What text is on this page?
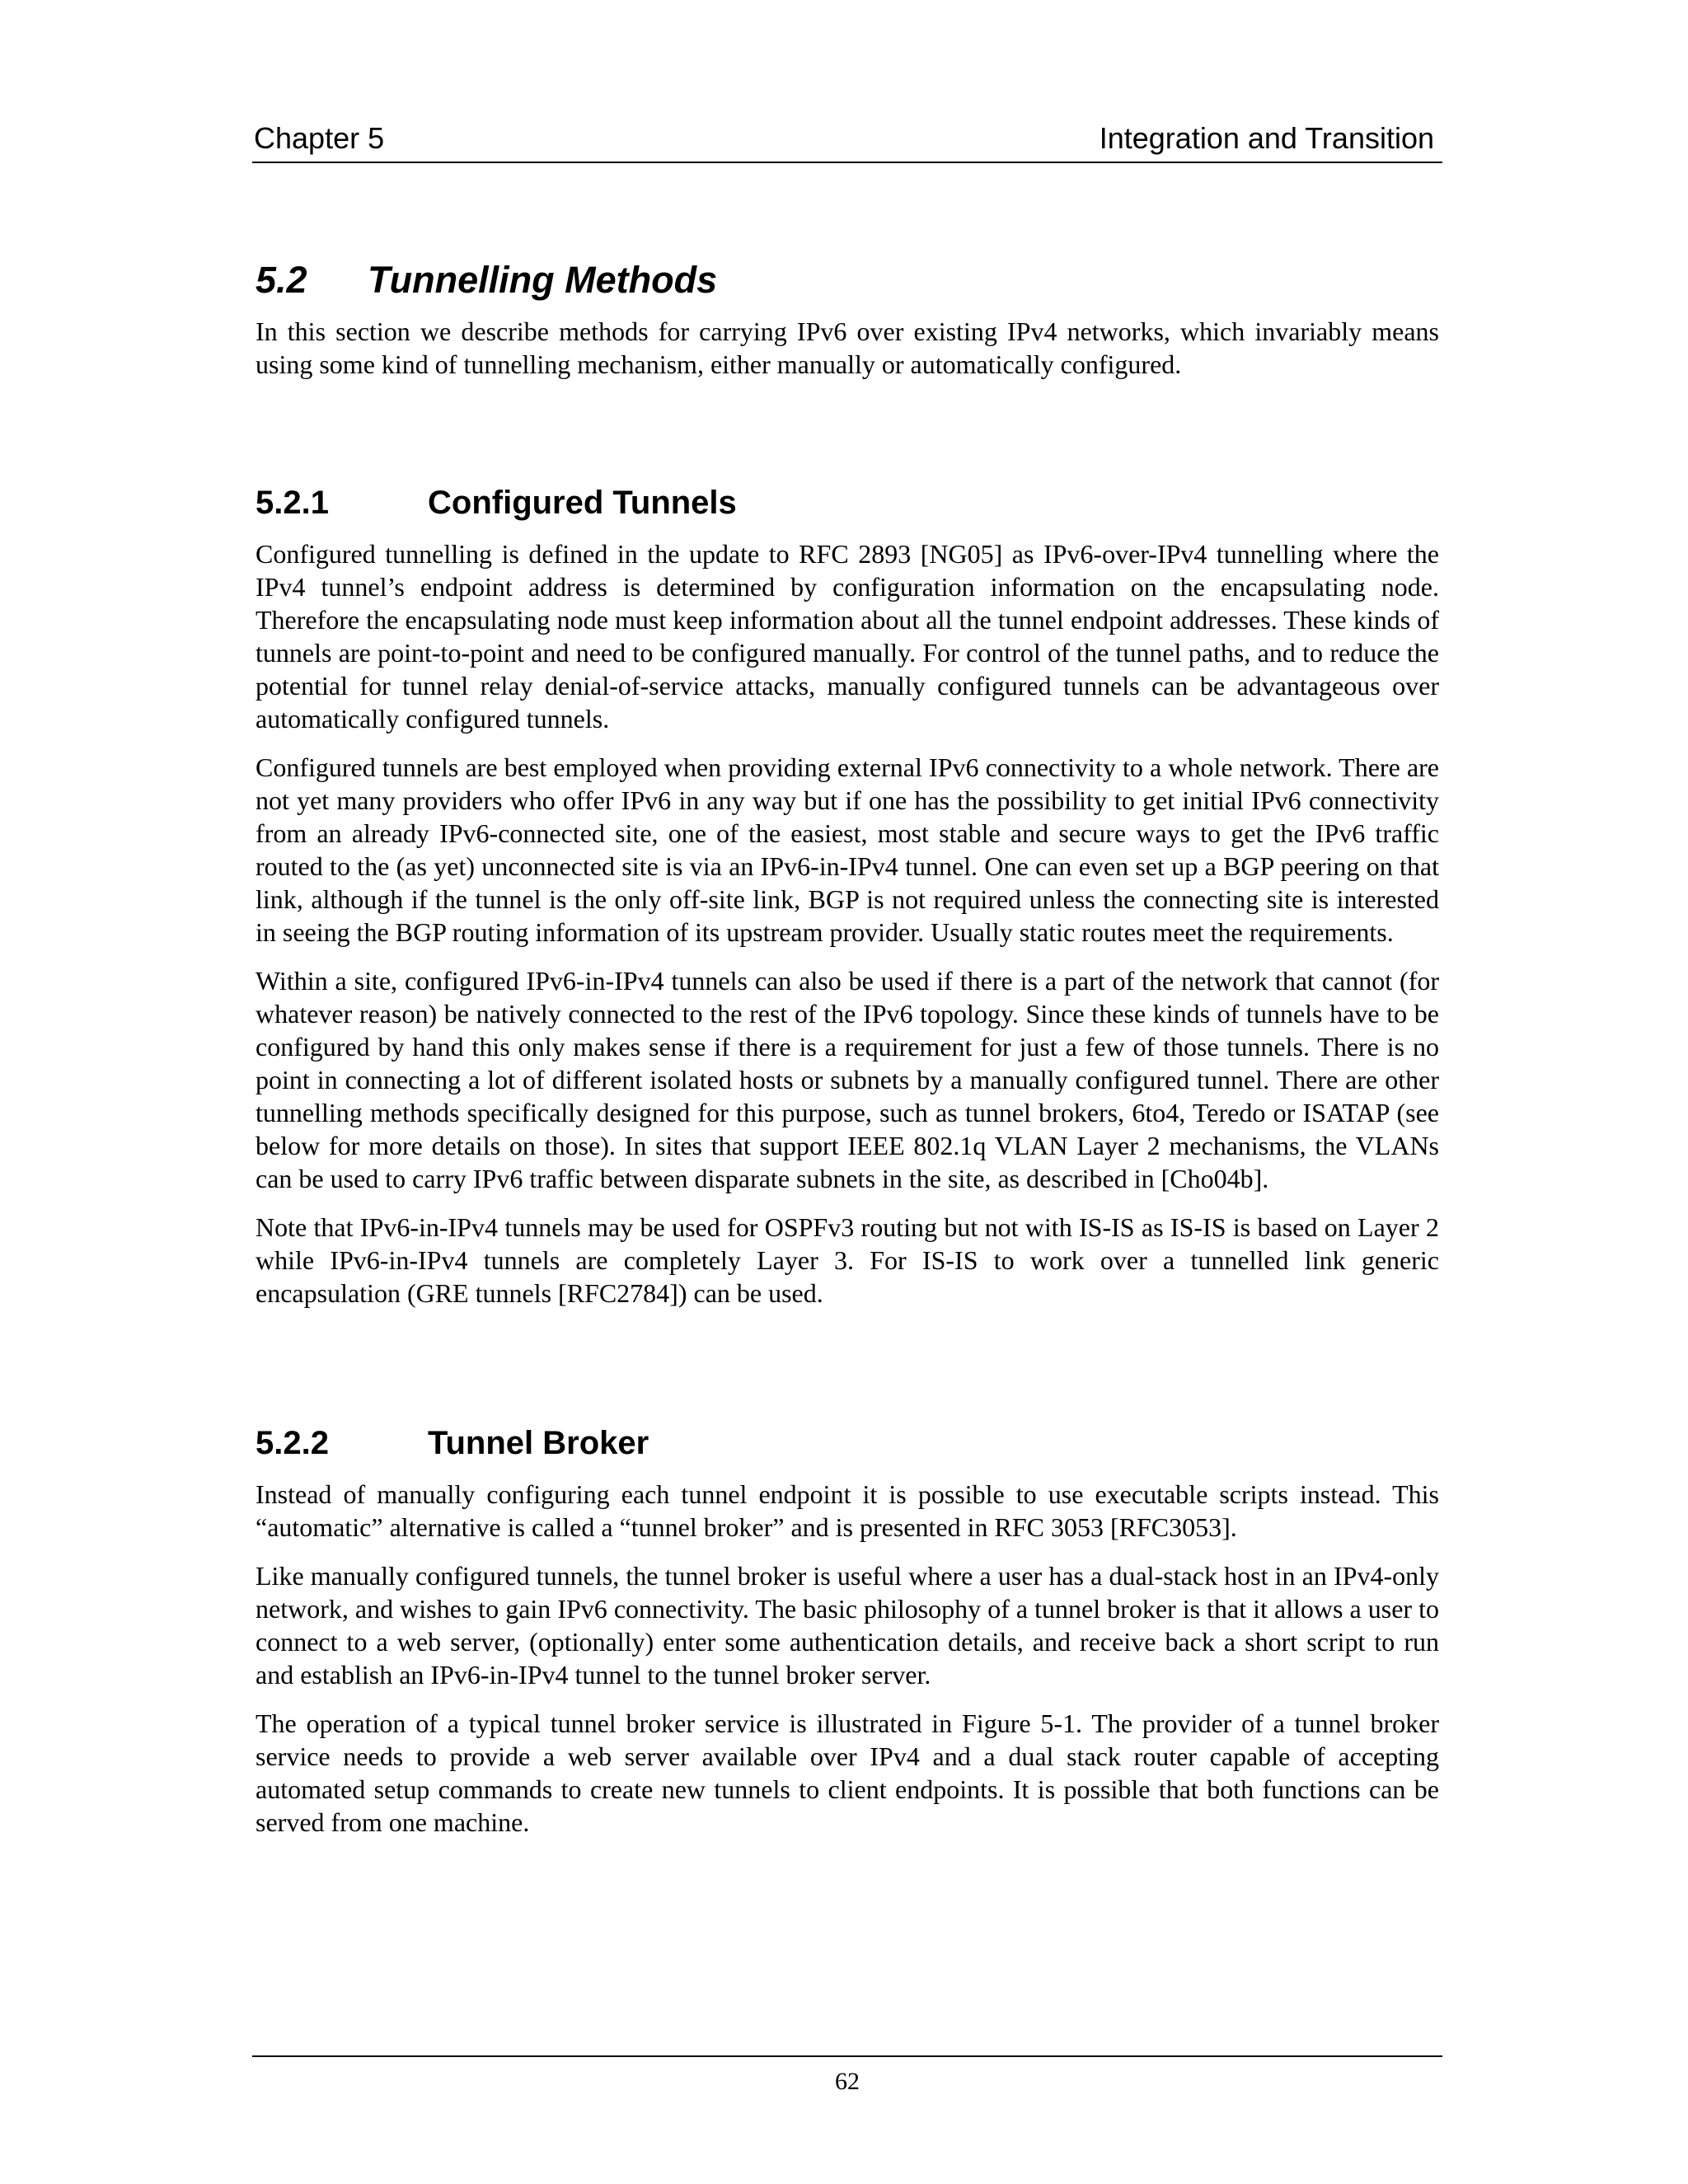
Chapter 5	Integration and Transition
5.2 Tunnelling Methods

In this section we describe methods for carrying IPv6 over existing IPv4 networks, which invariably means using some kind of tunnelling mechanism, either manually or automatically configured.

5.2.1	Configured Tunnels

Configured tunnelling is defined in the update to RFC 2893 [NG05] as IPv6-over-IPv4 tunnelling where the IPv4 tunnel’s endpoint address is determined by configuration information on the encapsulating node. Therefore the encapsulating node must keep information about all the tunnel endpoint addresses. These kinds of tunnels are point-to-point and need to be configured manually. For control of the tunnel paths, and to reduce the potential for tunnel relay denial-of-service attacks, manually configured tunnels can be advantageous over automatically configured tunnels.

Configured tunnels are best employed when providing external IPv6 connectivity to a whole network. There are not yet many providers who offer IPv6 in any way but if one has the possibility to get initial IPv6 connectivity from an already IPv6-connected site, one of the easiest, most stable and secure ways to get the IPv6 traffic routed to the (as yet) unconnected site is via an IPv6-in-IPv4 tunnel. One can even set up a BGP peering on that link, although if the tunnel is the only off-site link, BGP is not required unless the connecting site is interested in seeing the BGP routing information of its upstream provider. Usually static routes meet the requirements.

Within a site, configured IPv6-in-IPv4 tunnels can also be used if there is a part of the network that cannot (for whatever reason) be natively connected to the rest of the IPv6 topology. Since these kinds of tunnels have to be configured by hand this only makes sense if there is a requirement for just a few of those tunnels. There is no point in connecting a lot of different isolated hosts or subnets by a manually configured tunnel. There are other tunnelling methods specifically designed for this purpose, such as tunnel brokers, 6to4, Teredo or ISATAP (see below for more details on those). In sites that support IEEE 802.1q VLAN Layer 2 mechanisms, the VLANs can be used to carry IPv6 traffic between disparate subnets in the site, as described in [Cho04b].

Note that IPv6-in-IPv4 tunnels may be used for OSPFv3 routing but not with IS-IS as IS-IS is based on Layer 2 while IPv6-in-IPv4 tunnels are completely Layer 3. For IS-IS to work over a tunnelled link generic encapsulation (GRE tunnels [RFC2784]) can be used.

5.2.2	Tunnel Broker

Instead of manually configuring each tunnel endpoint it is possible to use executable scripts instead. This “automatic” alternative is called a “tunnel broker” and is presented in RFC 3053 [RFC3053].

Like manually configured tunnels, the tunnel broker is useful where a user has a dual-stack host in an IPv4-only network, and wishes to gain IPv6 connectivity. The basic philosophy of a tunnel broker is that it allows a user to connect to a web server, (optionally) enter some authentication details, and receive back a short script to run and establish an IPv6-in-IPv4 tunnel to the tunnel broker server.

The operation of a typical tunnel broker service is illustrated in Figure 5-1. The provider of a tunnel broker service needs to provide a web server available over IPv4 and a dual stack router capable of accepting automated setup commands to create new tunnels to client endpoints. It is possible that both functions can be served from one machine.

62
